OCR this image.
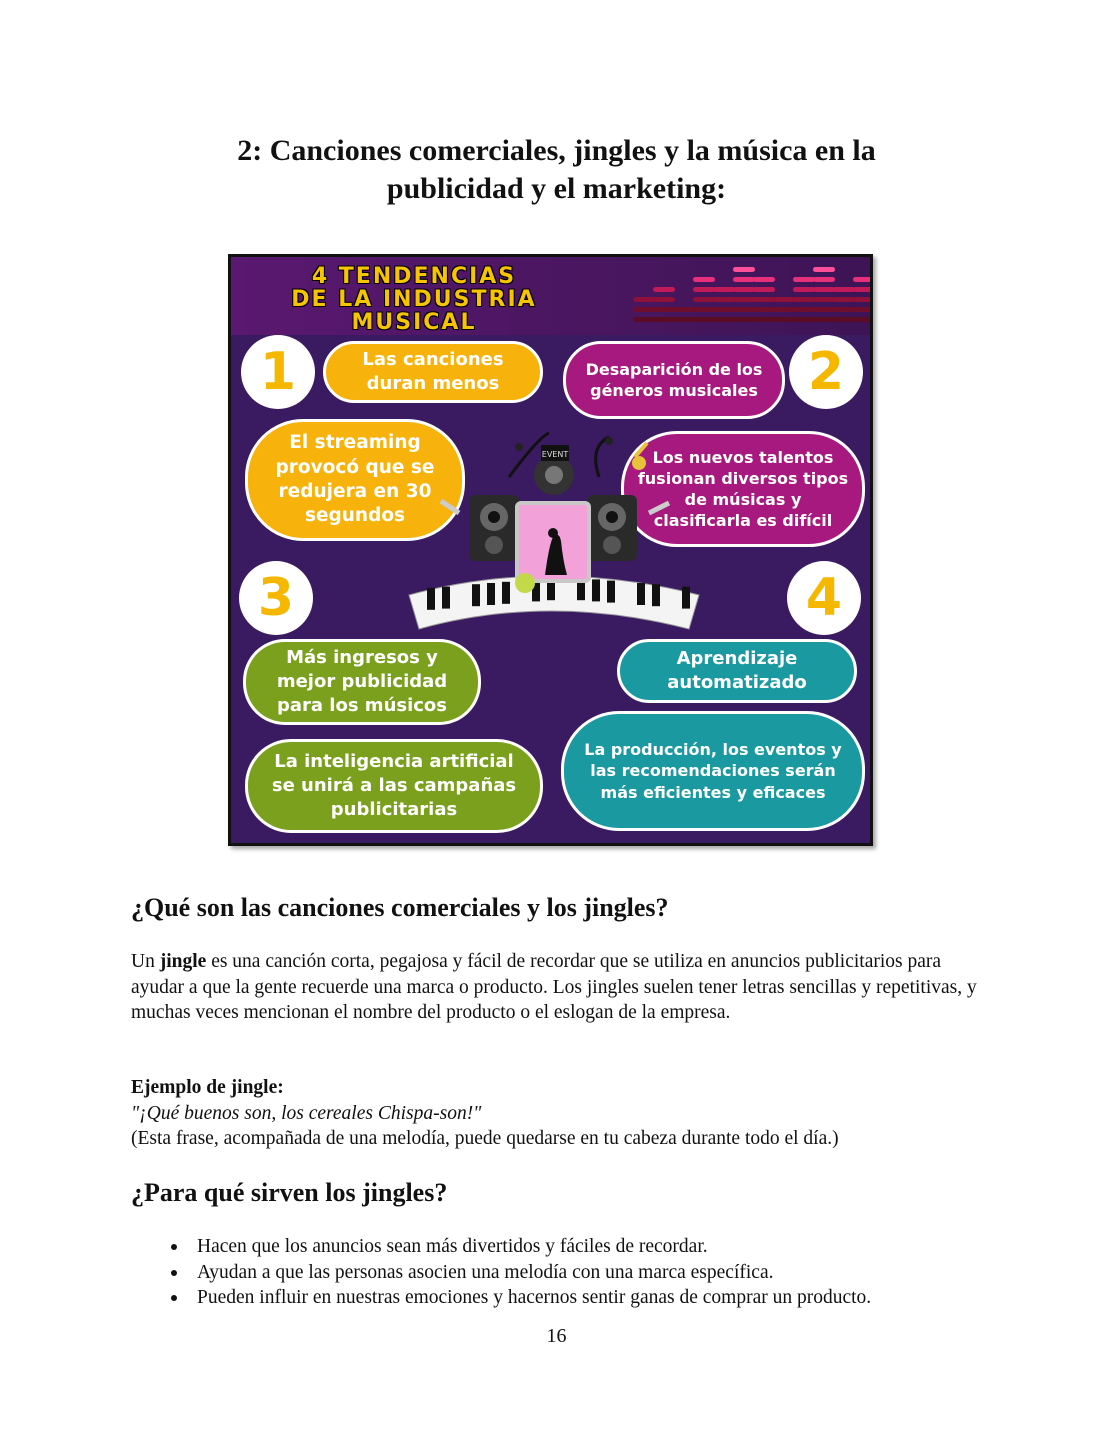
2: Canciones comerciales, jingles y la música en la
publicidad y el marketing:
4 TENDENCIAS
DE LA INDUSTRIA
MUSICAL
1	Las canciones duran menos
El streaming provocó que se redujera en 30 segundos
Desaparición de los géneros musicales 2
Los nuevos talentos fusionan diversos tipos de músicas y clasificarla es difícil
EVENT
3
Más ingresos y mejor publicidad para los músicos
La inteligencia artificial se unirá a las campañas publicitarias
4
Aprendizaje automatizado
La producción, los eventos y las recomendaciones serán más eficientes y eficaces
¿Qué son las canciones comerciales y los jingles?

Un jingle es una canción corta, pegajosa y fácil de recordar que se utiliza en anuncios publicitarios para ayudar a que la gente recuerde una marca o producto. Los jingles suelen tener letras sencillas y repetitivas, y muchas veces mencionan el nombre del producto o el eslogan de la empresa.

Ejemplo de jingle:
"¡Qué buenos son, los cereales Chispa-son!"
(Esta frase, acompañada de una melodía, puede quedarse en tu cabeza durante todo el día.)

¿Para qué sirven los jingles?
Hacen que los anuncios sean más divertidos y fáciles de recordar.
Ayudan a que las personas asocien una melodía con una marca específica.
Pueden influir en nuestras emociones y hacernos sentir ganas de comprar un producto.
16
